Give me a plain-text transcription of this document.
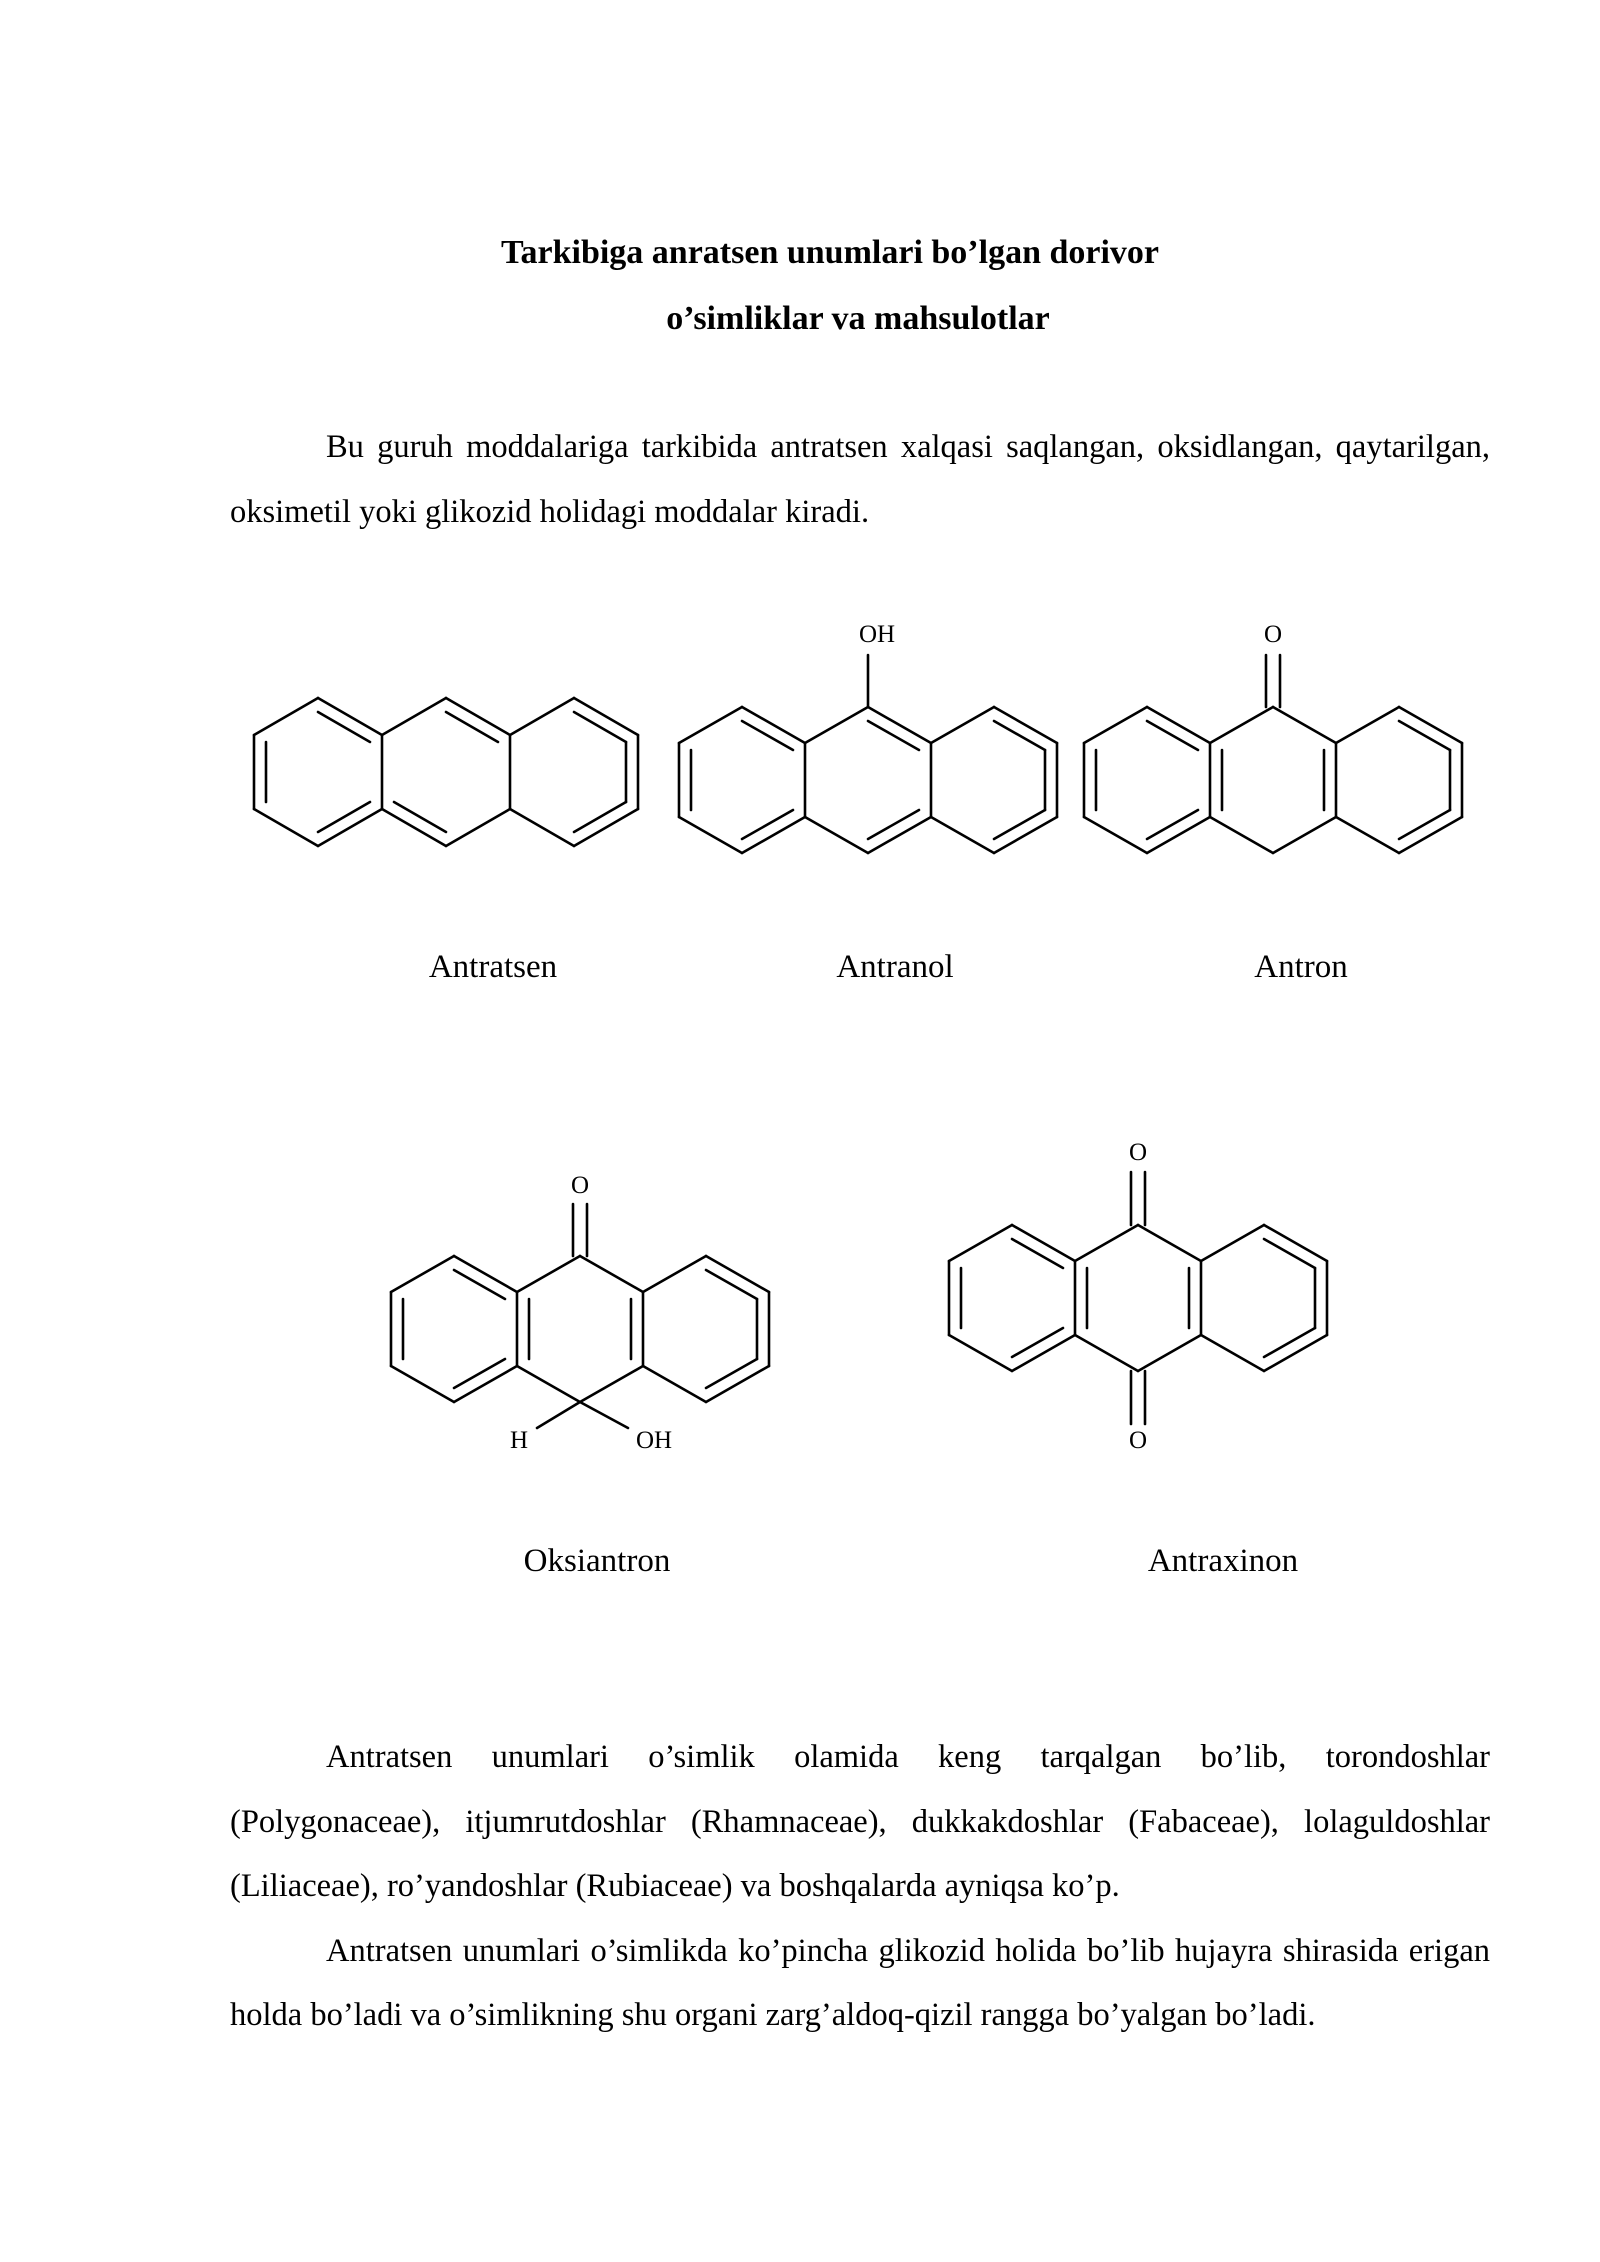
Tarkibiga anratsen unumlari bo’lgan dorivor
o’simliklar va mahsulotlar

Bu guruh moddalariga tarkibida antratsen xalqasi saqlangan, oksidlangan, qaytarilgan, oksimetil yoki glikozid holidagi moddalar kiradi.

Antratsen
OH
Antranol
O
Antron
O
H	OH
Oksiantron
O
O
Antraxinon

Antratsen unumlari o’simlik olamida keng tarqalgan bo’lib, torondoshlar (Polygonaceae), itjumrutdoshlar (Rhamnaceae), dukkakdoshlar (Fabaceae), lolaguldoshlar (Liliaceae), ro’yandoshlar (Rubiaceae) va boshqalarda ayniqsa ko’p.

Antratsen unumlari o’simlikda ko’pincha glikozid holida bo’lib hujayra shirasida erigan holda bo’ladi va o’simlikning shu organi zarg’aldoq-qizil rangga bo’yalgan bo’ladi.
